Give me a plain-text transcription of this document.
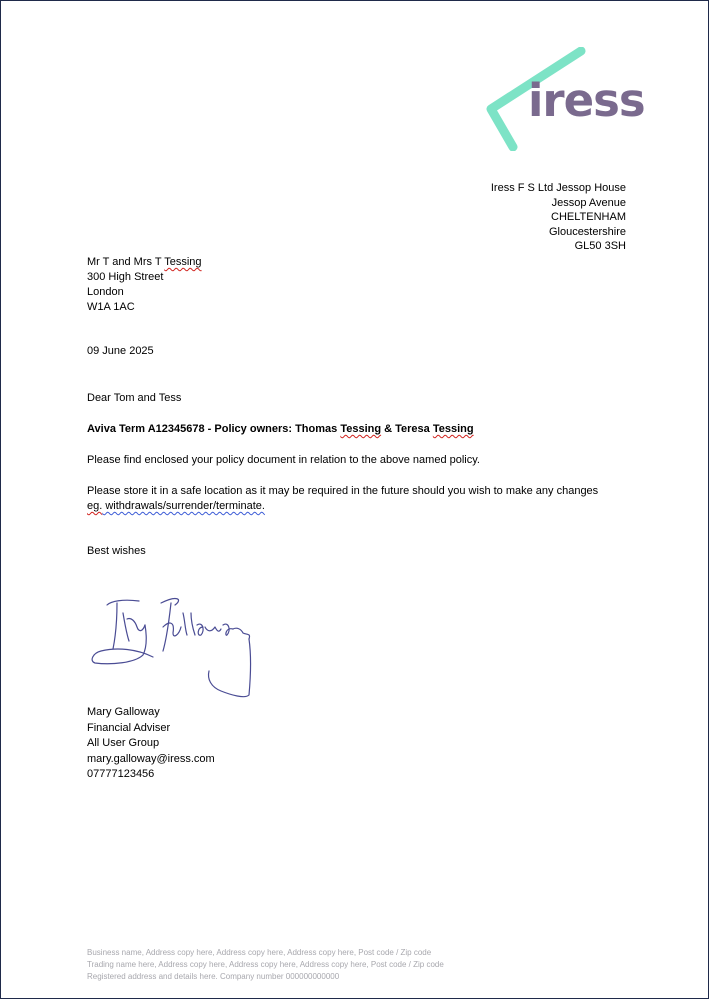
iress
Iress F S Ltd Jessop House
Jessop Avenue
CHELTENHAM
Gloucestershire
GL50 3SH
Mr T and Mrs T Tessing
300 High Street
London
W1A 1AC
09 June 2025
Dear Tom and Tess
Aviva Term A12345678 - Policy owners: Thomas Tessing & Teresa Tessing
Please find enclosed your policy document in relation to the above named policy.
Please store it in a safe location as it may be required in the future should you wish to make any changes
eg. withdrawals/surrender/terminate.
Best wishes
Mary Galloway
Financial Adviser
All User Group
mary.galloway@iress.com
07777123456
Business name, Address copy here, Address copy here, Address copy here, Post code / Zip code
Trading name here, Address copy here, Address copy here, Address copy here, Post code / Zip code
Registered address and details here. Company number 000000000000
